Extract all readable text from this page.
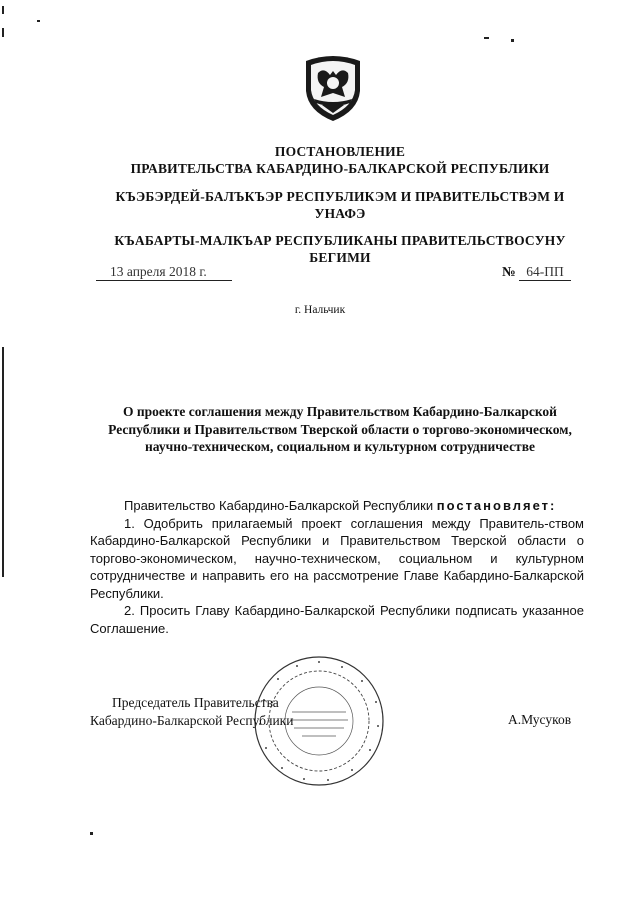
ПОСТАНОВЛЕНИЕ
ПРАВИТЕЛЬСТВА КАБАРДИНО-БАЛКАРСКОЙ РЕСПУБЛИКИ
КЪЭБЭРДЕЙ-БАЛЪКЪЭР РЕСПУБЛИКЭМ И ПРАВИТЕЛЬСТВЭМ И УНАФЭ
КЪАБАРТЫ-МАЛКЪАР РЕСПУБЛИКАНЫ ПРАВИТЕЛЬСТВОСУНУ БЕГИМИ
13 апреля 2018 г.	№ 64-ПП
г. Нальчик
О проекте соглашения между Правительством Кабардино-Балкарской Республики и Правительством Тверской области о торгово-экономическом, научно-техническом, социальном и культурном сотрудничестве

Правительство Кабардино-Балкарской Республики постановляет:

1. Одобрить прилагаемый проект соглашения между Правитель-ством Кабардино-Балкарской Республики и Правительством Тверской области о торгово-экономическом, научно-техническом, социальном и культурном сотрудничестве и направить его на рассмотрение Главе Кабардино-Балкарской Республики.

2. Просить Главу Кабардино-Балкарской Республики подписать указанное Соглашение.

Председатель Правительства
Кабардино-Балкарской Республики	А.Мусуков
